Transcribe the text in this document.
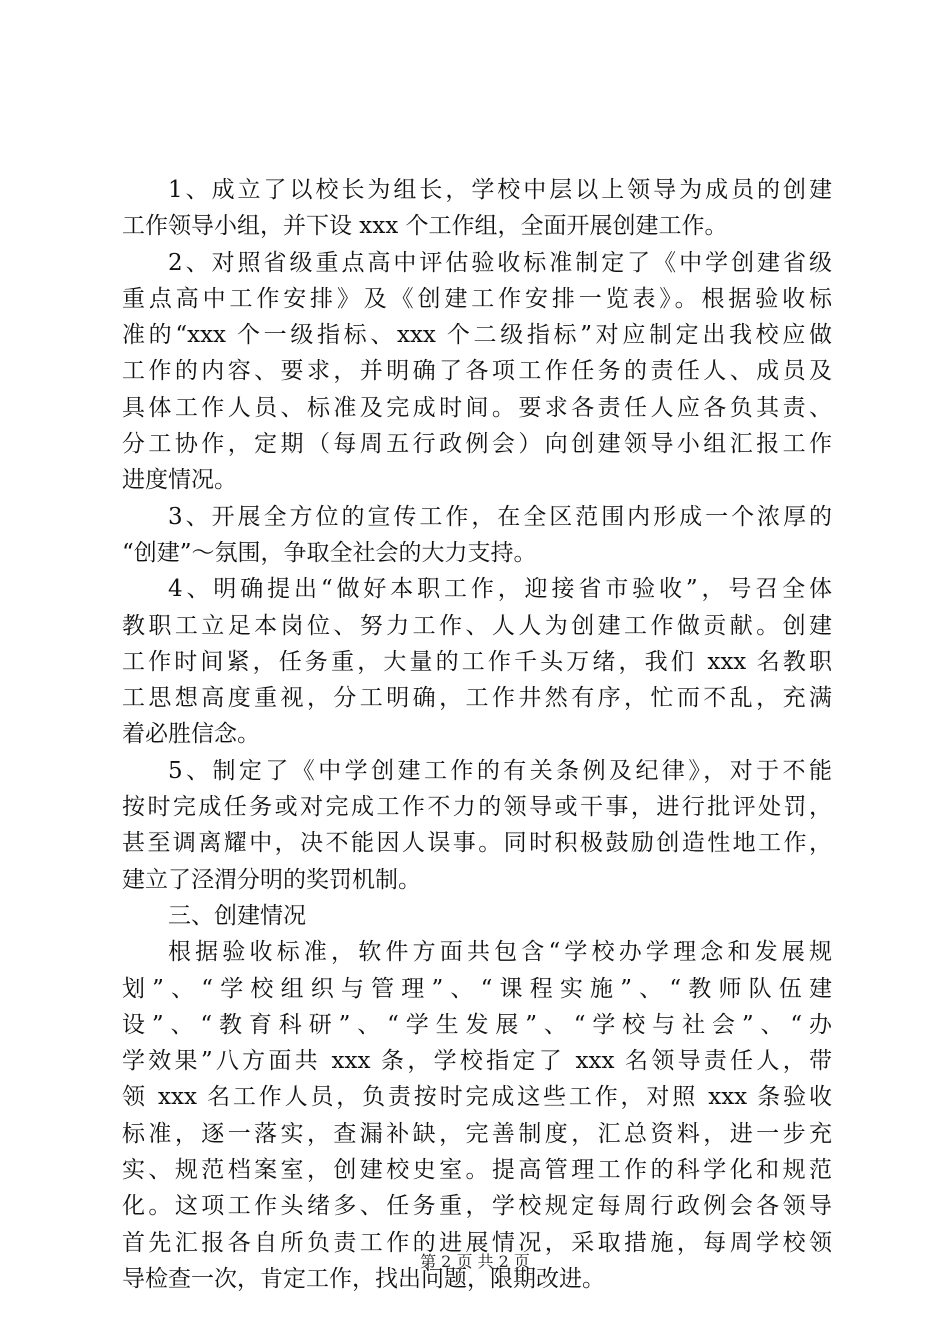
1、成立了以校长为组长，学校中层以上领导为成员的创建
工作领导小组，并下设 xxx 个工作组，全面开展创建工作。
2、对照省级重点高中评估验收标准制定了《中学创建省级
重点高中工作安排》及《创建工作安排一览表》。根据验收标
准的“xxx 个一级指标、xxx 个二级指标”对应制定出我校应做
工作的内容、要求，并明确了各项工作任务的责任人、成员及
具体工作人员、标准及完成时间。要求各责任人应各负其责、
分工协作，定期（每周五行政例会）向创建领导小组汇报工作
进度情况。
3、开展全方位的宣传工作，在全区范围内形成一个浓厚的
“创建”～氛围，争取全社会的大力支持。
4、明确提出“做好本职工作，迎接省市验收”，号召全体
教职工立足本岗位、努力工作、人人为创建工作做贡献。创建
工作时间紧，任务重，大量的工作千头万绪，我们 xxx 名教职
工思想高度重视，分工明确，工作井然有序，忙而不乱，充满
着必胜信念。
5、制定了《中学创建工作的有关条例及纪律》，对于不能
按时完成任务或对完成工作不力的领导或干事，进行批评处罚，
甚至调离耀中，决不能因人误事。同时积极鼓励创造性地工作，
建立了泾渭分明的奖罚机制。
三、创建情况
根据验收标准，软件方面共包含“学校办学理念和发展规
划”、“学校组织与管理”、“课程实施”、“教师队伍建
设”、“教育科研”、“学生发展”、“学校与社会”、“办
学效果”八方面共 xxx 条，学校指定了 xxx 名领导责任人，带
领 xxx 名工作人员，负责按时完成这些工作，对照 xxx 条验收
标准，逐一落实，查漏补缺，完善制度，汇总资料，进一步充
实、规范档案室，创建校史室。提高管理工作的科学化和规范
化。这项工作头绪多、任务重，学校规定每周行政例会各领导
首先汇报各自所负责工作的进展情况，采取措施，每周学校领
导检查一次，肯定工作，找出问题，限期改进。
第 2 页 共 2 页
